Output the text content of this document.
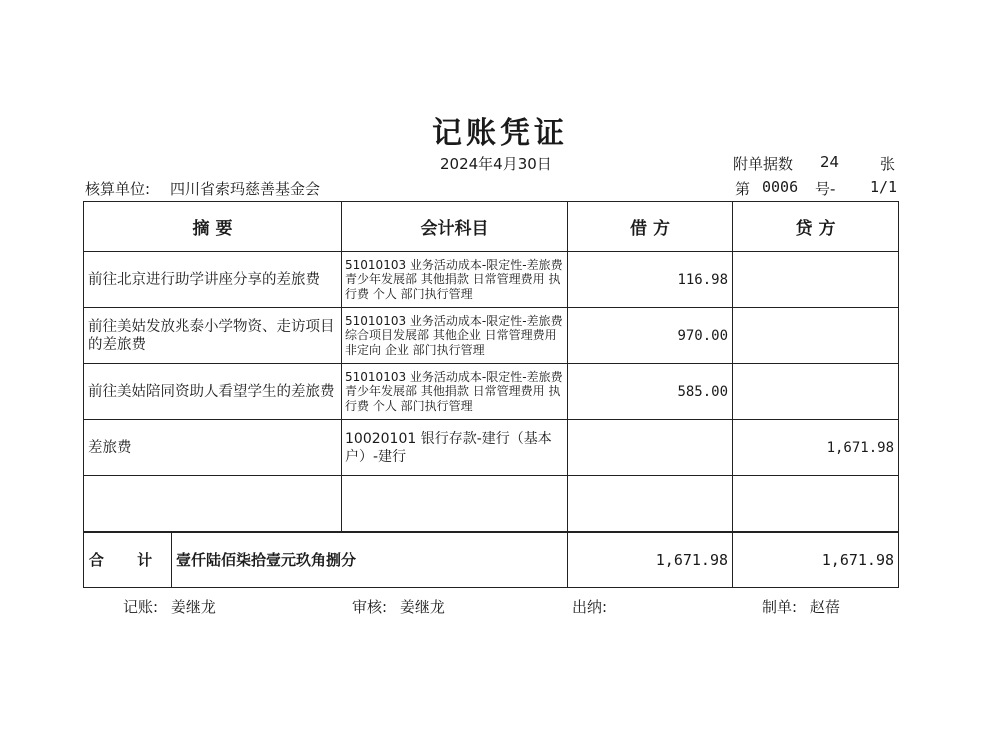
记账凭证
2024年4月30日	附单据数 24	张
核算单位: 四川省索玛慈善基金会	第 0006 号- 1/1
摘 要		会计科目	借 方	贷 方
前往北京进行助学讲座分享的差旅费		51010103 业务活动成本-限定性-差旅费 青少年发展部 其他捐款 日常管理费用 执行费 个人 部门执行管理	116.98	
前往美姑发放兆泰小学物资、走访项目的差旅费		51010103 业务活动成本-限定性-差旅费 综合项目发展部 其他企业 日常管理费用 非定向 企业 部门执行管理	970.00	
前往美姑陪同资助人看望学生的差旅费		51010103 业务活动成本-限定性-差旅费 青少年发展部 其他捐款 日常管理费用 执行费 个人 部门执行管理	585.00	
差旅费		10020101 银行存款-建行（基本户）-建行		1,671.98

合 计	壹仟陆佰柒拾壹元玖角捌分		1,671.98	1,671.98
记账: 姜继龙	审核: 姜继龙	出纳:	制单: 赵蓓
